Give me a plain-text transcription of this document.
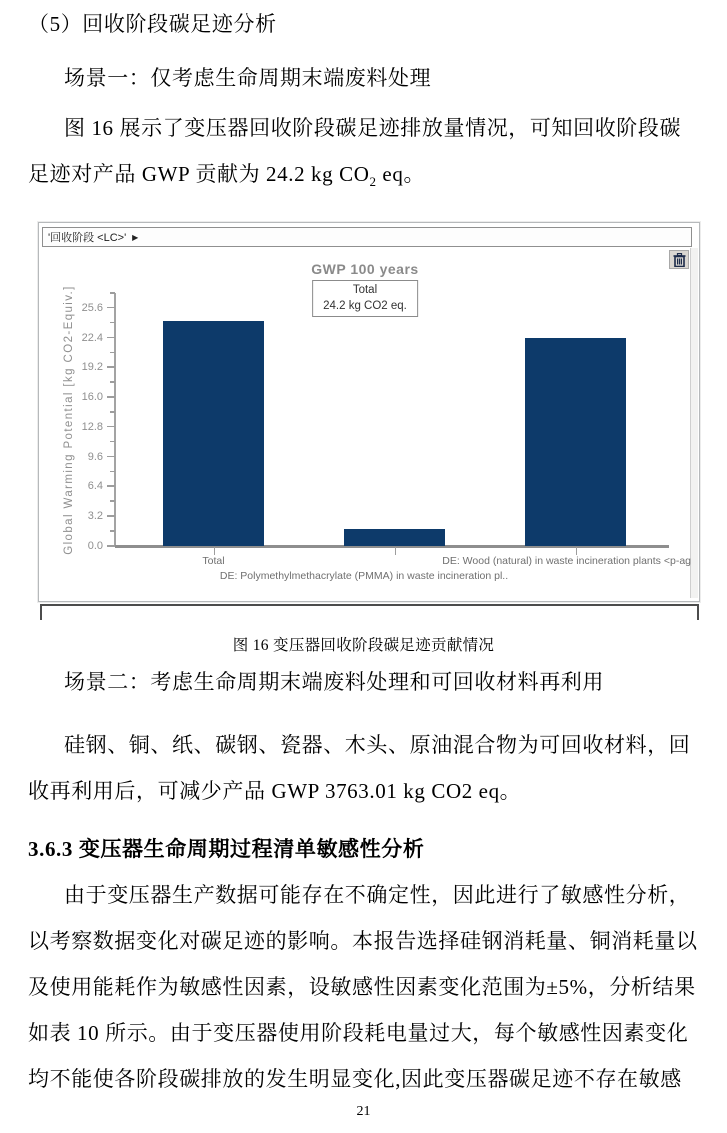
（5）回收阶段碳足迹分析
场景一：仅考虑生命周期末端废料处理
图 16 展示了变压器回收阶段碳足迹排放量情况，可知回收阶段碳
足迹对产品 GWP 贡献为 24.2 kg $CO_2$ eq。
'回收阶段 <LC>' ▶
GWP 100 years
Total
24.2 kg CO2 eq.
Global Warming Potential [kg CO2-Equiv.]	0.0
3.2
6.4
9.6
12.8
16.0
19.2
22.4
25.6
Total
DE: Polymethylmethacrylate (PMMA) in waste incineration pl..
DE: Wood (natural) in waste incineration plants <p-ag
图 16 变压器回收阶段碳足迹贡献情况
场景二：考虑生命周期末端废料处理和可回收材料再利用
硅钢、铜、纸、碳钢、瓷器、木头、原油混合物为可回收材料，回
收再利用后，可减少产品 GWP 3763.01 kg CO2 eq。
3.6.3 变压器生命周期过程清单敏感性分析
由于变压器生产数据可能存在不确定性，因此进行了敏感性分析，
以考察数据变化对碳足迹的影响。本报告选择硅钢消耗量、铜消耗量以
及使用能耗作为敏感性因素，设敏感性因素变化范围为±5%，分析结果
如表 10 所示。由于变压器使用阶段耗电量过大，每个敏感性因素变化
均不能使各阶段碳排放的发生明显变化,因此变压器碳足迹不存在敏感
21
